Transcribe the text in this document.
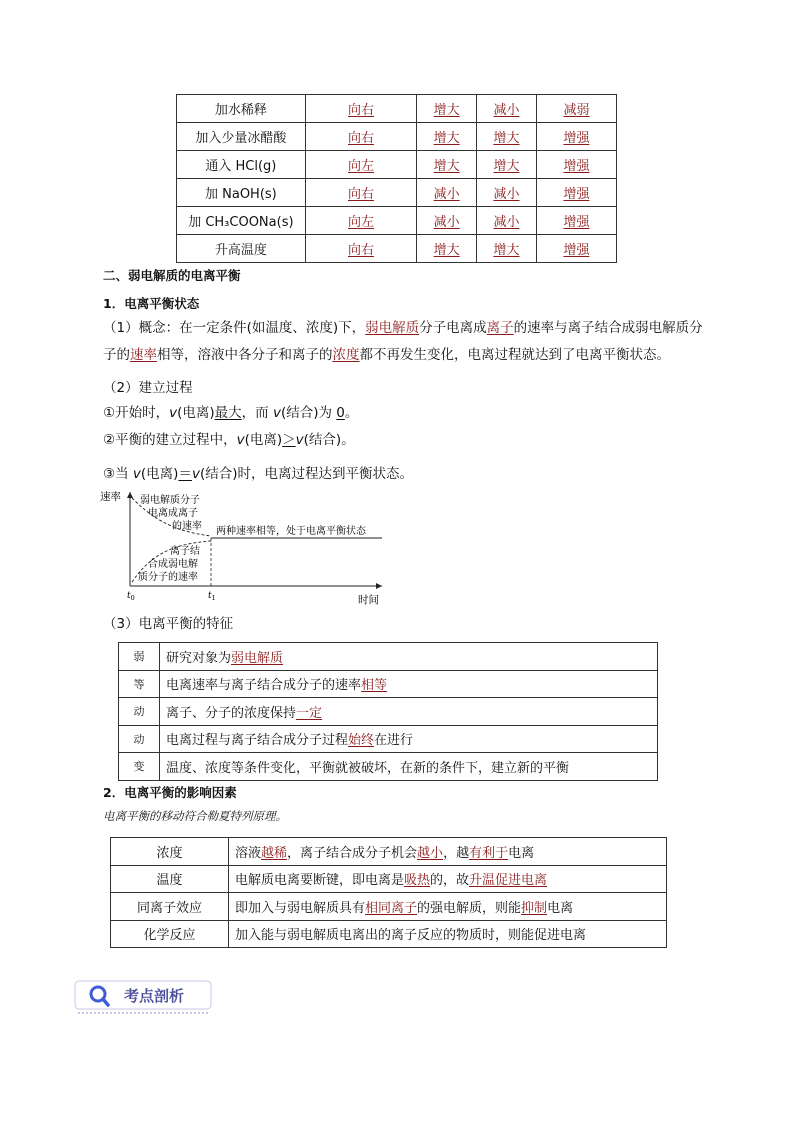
加水稀释	向右	增大	减小	减弱
加入少量冰醋酸	向右	增大	增大	增强
通入 HCl(g)	向左	增大	增大	增强
加 NaOH(s)	向右	减小	减小	增强
加 CH₃COONa(s)	向左	减小	减小	增强
升高温度	向右	增大	增大	增强
二、弱电解质的电离平衡
1．电离平衡状态
（1）概念：在一定条件(如温度、浓度)下，弱电解质分子电离成离子的速率与离子结合成弱电解质分
子的速率相等，溶液中各分子和离子的浓度都不再发生变化，电离过程就达到了电离平衡状态。
（2）建立过程
①开始时，v(电离)最大，而 v(结合)为 0。
②平衡的建立过程中，v(电离)＞v(结合)。
③当 v(电离)＝v(结合)时，电离过程达到平衡状态。
速率
时间
$t_0$	$t_1$
弱电解质分子
电离成离子
的速率
离子结
合成弱电解
质分子的速率
两种速率相等，处于电离平衡状态
（3）电离平衡的特征
弱	研究对象为弱电解质
等	电离速率与离子结合成分子的速率相等
动	离子、分子的浓度保持一定
动	电离过程与离子结合成分子过程始终在进行
变	温度、浓度等条件变化，平衡就被破坏，在新的条件下，建立新的平衡
2．电离平衡的影响因素
电离平衡的移动符合勒夏特列原理。
浓度	溶液越稀，离子结合成分子机会越小，越有利于电离
温度	电解质电离要断键，即电离是吸热的，故升温促进电离
同离子效应	即加入与弱电解质具有相同离子的强电解质，则能抑制电离
化学反应	加入能与弱电解质电离出的离子反应的物质时，则能促进电离
考点剖析
